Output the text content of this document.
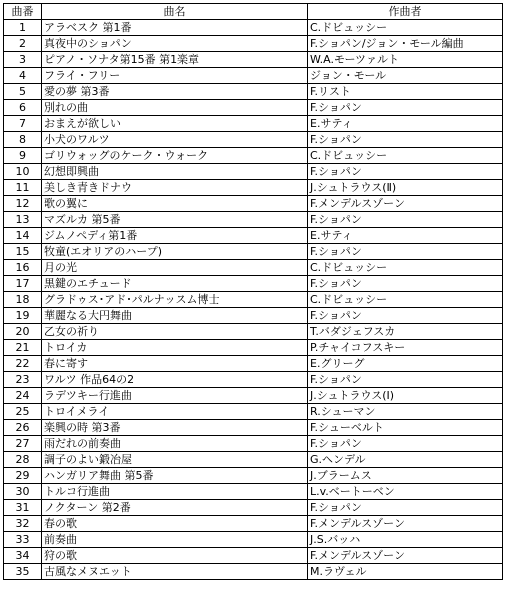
曲番	曲名	作曲者
1	アラベスク 第1番	C.ドビュッシー
2	真夜中のショパン	F.ショパン/ジョン・モール編曲
3	ピアノ・ソナタ第15番 第1楽章	W.A.モーツァルト
4	フライ・フリー	ジョン・モール
5	愛の夢 第3番	F.リスト
6	別れの曲	F.ショパン
7	おまえが欲しい	E.サティ
8	小犬のワルツ	F.ショパン
9	ゴリウォッグのケーク・ウォーク	C.ドビュッシー
10	幻想即興曲	F.ショパン
11	美しき青きドナウ	J.シュトラウス(Ⅱ)
12	歌の翼に	F.メンデルスゾーン
13	マズルカ 第5番	F.ショパン
14	ジムノペディ第1番	E.サティ
15	牧童(エオリアのハープ)	F.ショパン
16	月の光	C.ドビュッシー
17	黒鍵のエチュード	F.ショパン
18	グラドゥス･アド･パルナッスム博士	C.ドビュッシー
19	華麗なる大円舞曲	F.ショパン
20	乙女の祈り	T.バダジェフスカ
21	トロイカ	P.チャイコフスキー
22	春に寄す	E.グリーグ
23	ワルツ 作品64の2	F.ショパン
24	ラデツキー行進曲	J.シュトラウス(Ⅰ)
25	トロイメライ	R.シューマン
26	楽興の時 第3番	F.シューベルト
27	雨だれの前奏曲	F.ショパン
28	調子のよい鍛冶屋	G.ヘンデル
29	ハンガリア舞曲 第5番	J.ブラームス
30	トルコ行進曲	L.v.ベートーベン
31	ノクターン 第2番	F.ショパン
32	春の歌	F.メンデルスゾーン
33	前奏曲	J.S.バッハ
34	狩の歌	F.メンデルスゾーン
35	古風なメヌエット	M.ラヴェル
